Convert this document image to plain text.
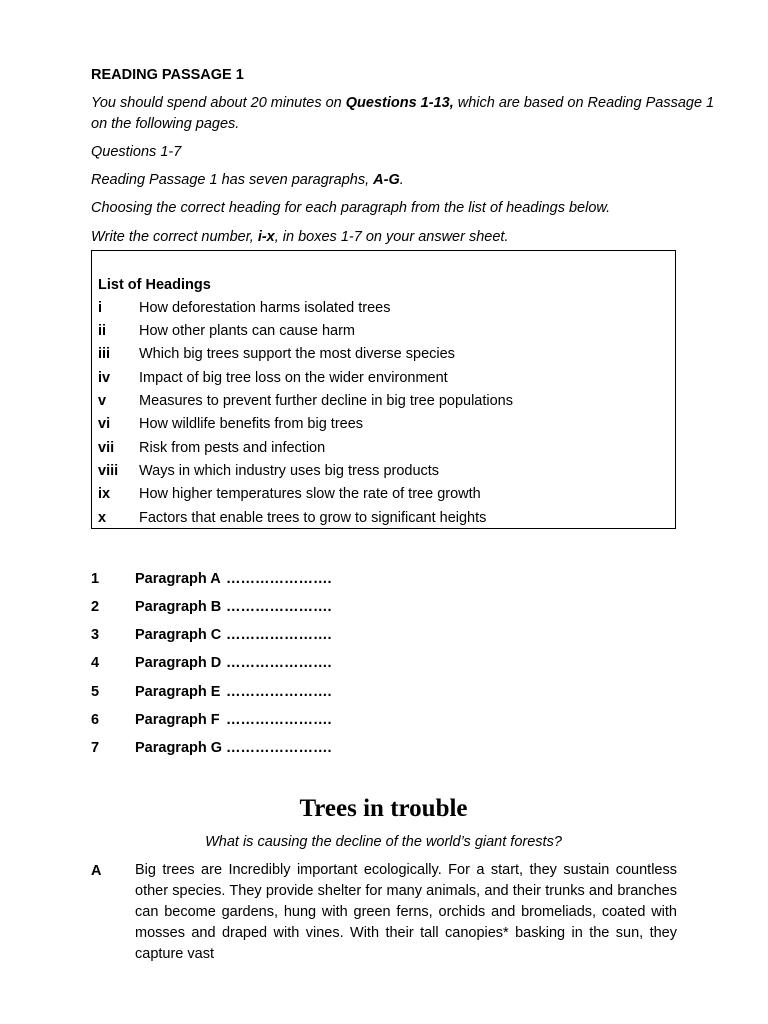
READING PASSAGE 1
You should spend about 20 minutes on Questions 1-13, which are based on Reading Passage 1
on the following pages.
Questions 1-7
Reading Passage 1 has seven paragraphs, A-G.
Choosing the correct heading for each paragraph from the list of headings below.
Write the correct number, i-x, in boxes 1-7 on your answer sheet.
List of Headings
i	How deforestation harms isolated trees
ii How other plants can cause harm
iii Which big trees support the most diverse species
iv Impact of big tree loss on the wider environment
v Measures to prevent further decline in big tree populations
vi How wildlife benefits from big trees
vii Risk from pests and infection
viii Ways in which industry uses big tress products
ix How higher temperatures slow the rate of tree growth
x Factors that enable trees to grow to significant heights
1 Paragraph A ………………….
2 Paragraph B ………………….
3 Paragraph C ………………….
4 Paragraph D ………………….
5 Paragraph E ………………….
6 Paragraph F ………………….
7 Paragraph G ………………….
Trees in trouble
What is causing the decline of the world’s giant forests?
A Big trees are Incredibly important ecologically. For a start, they sustain countless other species. They provide shelter for many animals, and their trunks and branches can become gardens, hung with green ferns, orchids and bromeliads, coated with mosses and draped with vines. With their tall canopies* basking in the sun, they capture vast
